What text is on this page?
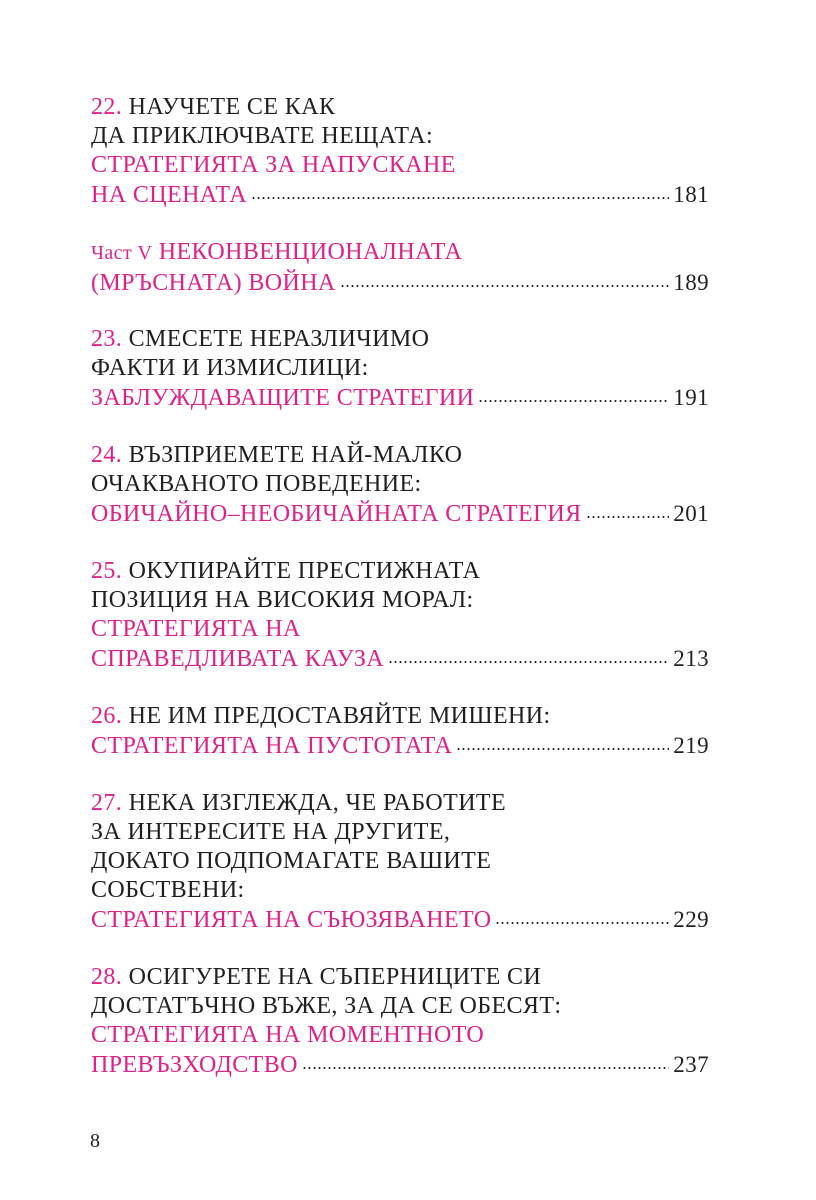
22. НАУЧЕТЕ СЕ КАК
ДА ПРИКЛЮЧВАТЕ НЕЩАТА:
СТРАТЕГИЯТА ЗА НАПУСКАНЕ
НА СЦЕНАТА	181
Част V НЕКОНВЕНЦИОНАЛНАТА
(МРЪСНАТА) ВОЙНА	189
23. СМЕСЕТЕ НЕРАЗЛИЧИМО
ФАКТИ И ИЗМИСЛИЦИ:
ЗАБЛУЖДАВАЩИТЕ СТРАТЕГИИ	191
24. ВЪЗПРИЕМЕТЕ НАЙ-МАЛКО
ОЧАКВАНОТО ПОВЕДЕНИЕ:
ОБИЧАЙНО–НЕОБИЧАЙНАТА СТРАТЕГИЯ	201
25. ОКУПИРАЙТЕ ПРЕСТИЖНАТА
ПОЗИЦИЯ НА ВИСОКИЯ МОРАЛ:
СТРАТЕГИЯТА НА
СПРАВЕДЛИВАТА КАУЗА	213
26. НЕ ИМ ПРЕДОСТАВЯЙТЕ МИШЕНИ:
СТРАТЕГИЯТА НА ПУСТОТАТА	219
27. НЕКА ИЗГЛЕЖДА, ЧЕ РАБОТИТЕ
ЗА ИНТЕРЕСИТЕ НА ДРУГИТЕ,
ДОКАТО ПОДПОМАГАТЕ ВАШИТЕ
СОБСТВЕНИ:
СТРАТЕГИЯТА НА СЪЮЗЯВАНЕТО	229
28. ОСИГУРЕТЕ НА СЪПЕРНИЦИТЕ СИ
ДОСТАТЪЧНО ВЪЖЕ, ЗА ДА СЕ ОБЕСЯТ:
СТРАТЕГИЯТА НА МОМЕНТНОТО
ПРЕВЪЗХОДСТВО	237
8
